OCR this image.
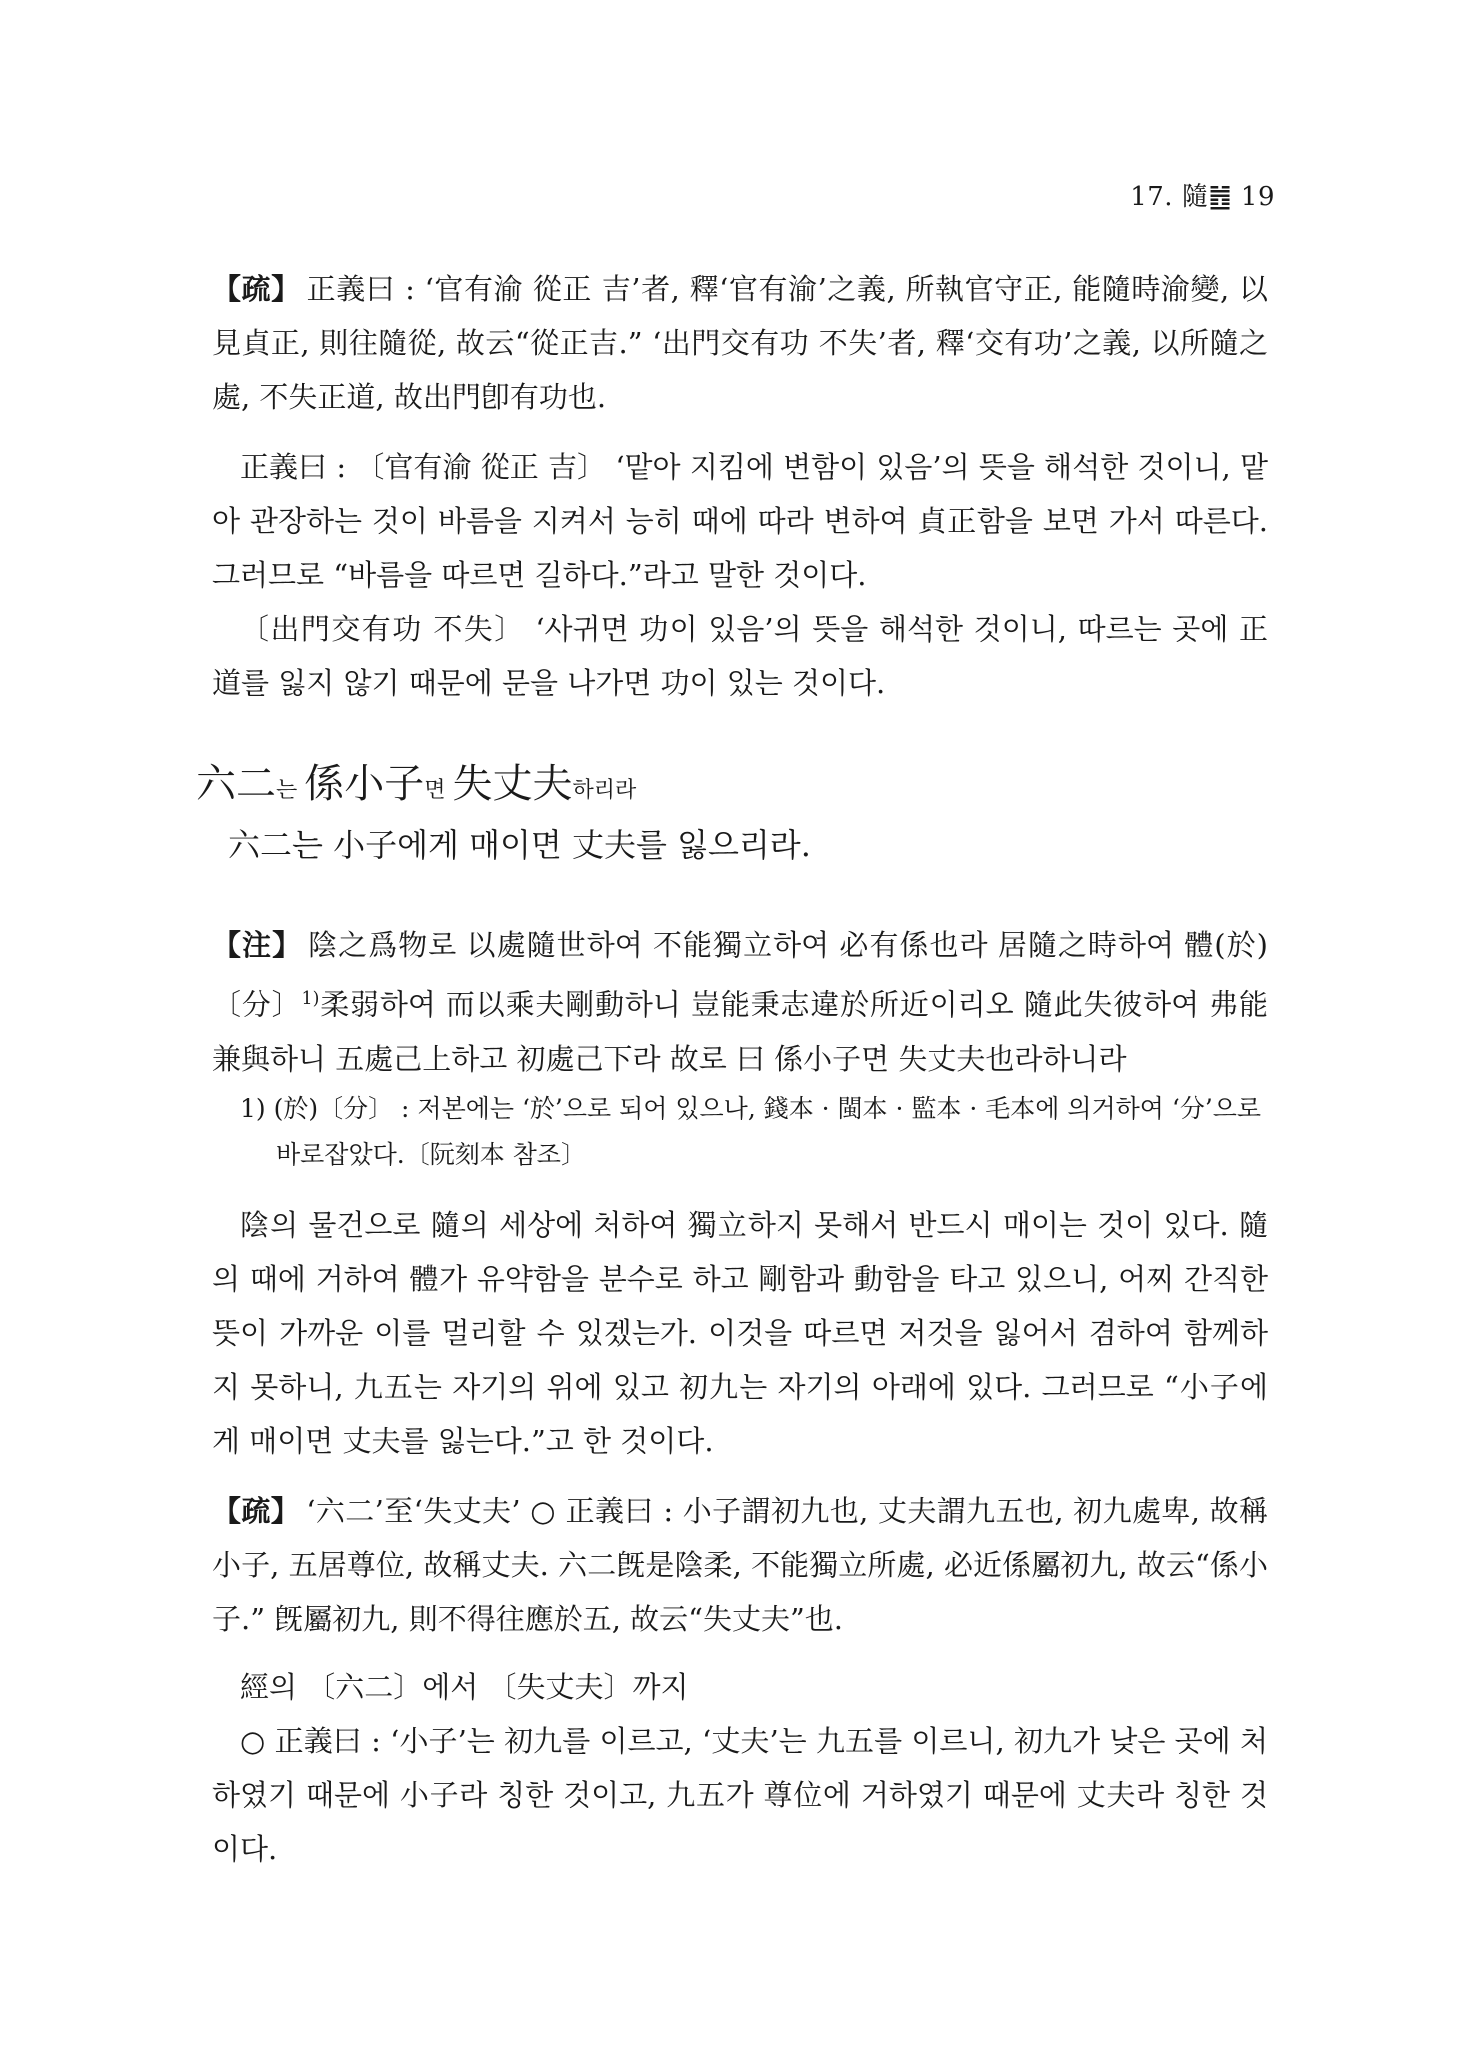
17. 隨䷐ 19

【疏】 正義曰 : ‘官有渝 從正 吉’者, 釋‘官有渝’之義, 所執官守正, 能隨時渝變, 以見貞正, 則往隨從, 故云“從正吉.” ‘出門交有功 不失’者, 釋‘交有功’之義, 以所隨之處, 不失正道, 故出門卽有功也.

正義曰 : 〔官有渝 從正 吉〕 ‘맡아 지킴에 변함이 있음’의 뜻을 해석한 것이니, 맡아 관장하는 것이 바름을 지켜서 능히 때에 따라 변하여 貞正함을 보면 가서 따른다. 그러므로 “바름을 따르면 길하다.”라고 말한 것이다.

〔出門交有功 不失〕 ‘사귀면 功이 있음’의 뜻을 해석한 것이니, 따르는 곳에 正道를 잃지 않기 때문에 문을 나가면 功이 있는 것이다.

六二는 係小子면 失丈夫하리라
六二는 小子에게 매이면 丈夫를 잃으리라.

【注】 陰之爲物로 以處隨世하여 不能獨立하여 必有係也라 居隨之時하여 體(於)〔分〕$^{1)}$柔弱하여 而以乘夫剛動하니 豈能秉志違於所近이리오 隨此失彼하여 弗能兼與하니 五處己上하고 初處己下라 故로 曰 係小子면 失丈夫也라하니라

1) (於)〔分〕 : 저본에는 ‘於’으로 되어 있으나, 錢本 · 閩本 · 監本 · 毛本에 의거하여 ‘分’으로 바로잡았다.〔阮刻本 참조〕

陰의 물건으로 隨의 세상에 처하여 獨立하지 못해서 반드시 매이는 것이 있다. 隨의 때에 거하여 體가 유약함을 분수로 하고 剛함과 動함을 타고 있으니, 어찌 간직한 뜻이 가까운 이를 멀리할 수 있겠는가. 이것을 따르면 저것을 잃어서 겸하여 함께하지 못하니, 九五는 자기의 위에 있고 初九는 자기의 아래에 있다. 그러므로 “小子에게 매이면 丈夫를 잃는다.”고 한 것이다.

【疏】 ‘六二’至‘失丈夫’ ○ 正義曰 : 小子謂初九也, 丈夫謂九五也, 初九處卑, 故稱小子, 五居尊位, 故稱丈夫. 六二旣是陰柔, 不能獨立所處, 必近係屬初九, 故云“係小子.” 旣屬初九, 則不得往應於五, 故云“失丈夫”也.

經의 〔六二〕에서 〔失丈夫〕까지

○ 正義曰 : ‘小子’는 初九를 이르고, ‘丈夫’는 九五를 이르니, 初九가 낮은 곳에 처하였기 때문에 小子라 칭한 것이고, 九五가 尊位에 거하였기 때문에 丈夫라 칭한 것이다.
